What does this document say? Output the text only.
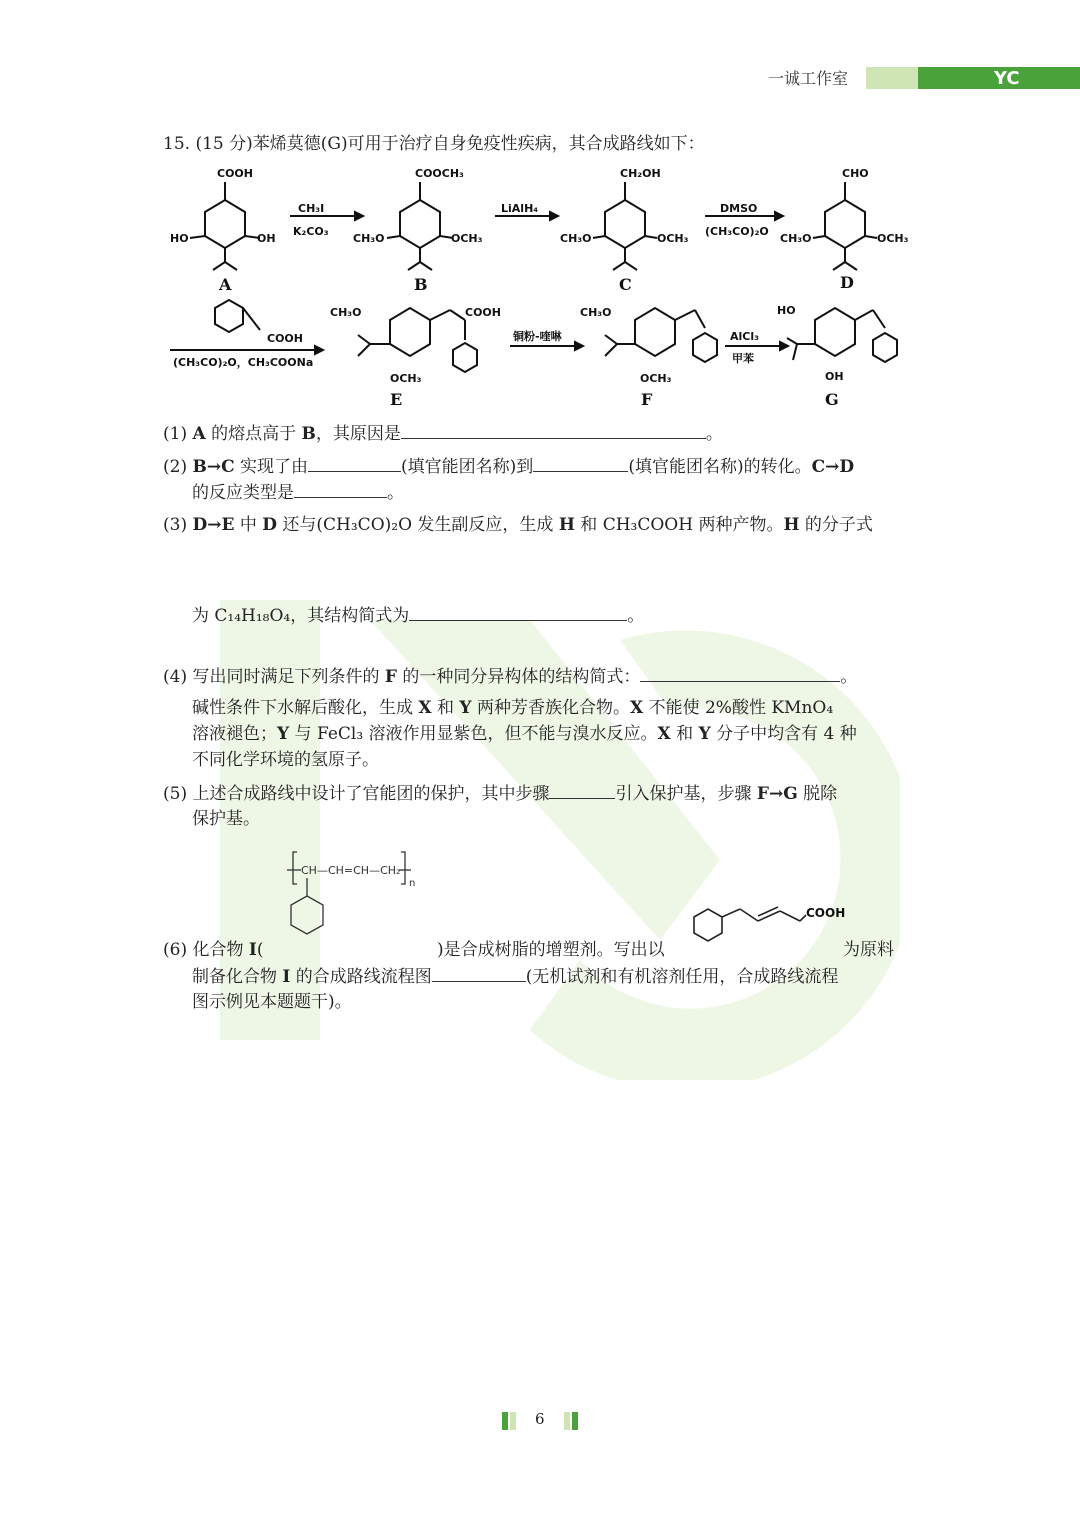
一诚工作室	YC
15. (15 分)苯烯莫德(G)可用于治疗自身免疫性疾病，其合成路线如下：
COOH
HO	OH
COOCH₃
CH₃O	OCH₃
CH₂OH
CH₃O	OCH₃
CHO
CH₃O	OCH₃
CH₃O	COOH
OCH₃
CH₃O
OCH₃
HO
OH
CH₃I
K₂CO₃
LiAlH₄	DMSO
(CH₃CO)₂O
COOH
(CH₃CO)₂O，CH₃COONa
铜粉-喹啉	AlCl₃
甲苯
A	B	C	D
E	F	G
(1) A 的熔点高于 B，其原因是	。
(2) B→C 实现了由	(填官能团名称)到	(填官能团名称)的转化。C→D
的反应类型是	。
(3) D→E 中 D 还与(CH₃CO)₂O 发生副反应，生成 H 和 CH₃COOH 两种产物。H 的分子式
为 C₁₄H₁₈O₄，其结构简式为	。
(4) 写出同时满足下列条件的 F 的一种同分异构体的结构简式：	。
碱性条件下水解后酸化，生成 X 和 Y 两种芳香族化合物。X 不能使 2%酸性 KMnO₄
溶液褪色；Y 与 FeCl₃ 溶液作用显紫色，但不能与溴水反应。X 和 Y 分子中均含有 4 种
不同化学环境的氢原子。
(5) 上述合成路线中设计了官能团的保护，其中步骤	引入保护基，步骤 F→G 脱除
保护基。
CH—CH=CH—CH₂
n
COOH
(6) 化合物 I(	)是合成树脂的增塑剂。写出以	为原料
制备化合物 I 的合成路线流程图	(无机试剂和有机溶剂任用，合成路线流程
图示例见本题题干)。
6
